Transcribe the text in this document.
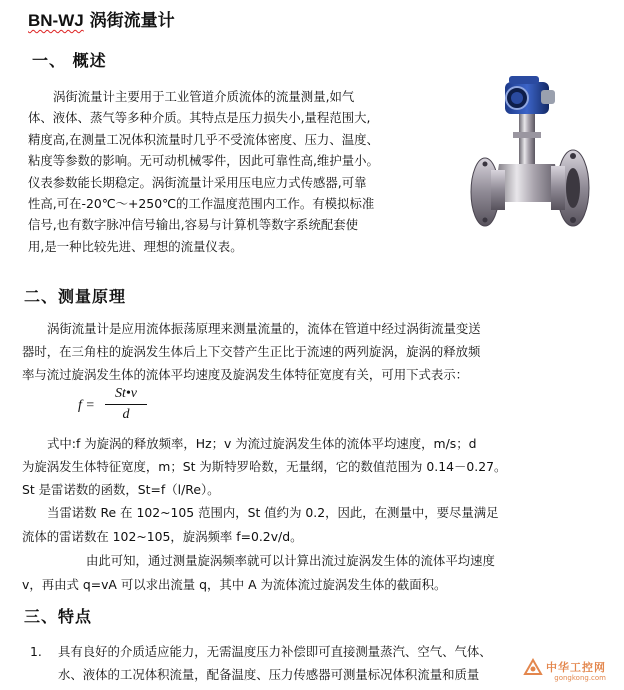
BN-WJ 涡街流量计
一、 概述
涡街流量计主要用于工业管道介质流体的流量测量,如气
体、液体、蒸气等多种介质。其特点是压力损失小,量程范围大,
精度高,在测量工况体积流量时几乎不受流体密度、压力、温度、
粘度等参数的影响。无可动机械零件，因此可靠性高,维护量小。
仪表参数能长期稳定。涡街流量计采用压电应力式传感器,可靠
性高,可在-20℃～+250℃的工作温度范围内工作。有模拟标准
信号,也有数字脉冲信号输出,容易与计算机等数字系统配套使
用,是一种比较先进、理想的流量仪表。
二、测量原理
涡街流量计是应用流体振荡原理来测量流量的，流体在管道中经过涡街流量变送
器时，在三角柱的旋涡发生体后上下交替产生正比于流速的两列旋涡，旋涡的释放频
率与流过旋涡发生体的流体平均速度及旋涡发生体特征宽度有关，可用下式表示：
f =
St•v
d
式中:f 为旋涡的释放频率，Hz；v 为流过旋涡发生体的流体平均速度，m/s；d
为旋涡发生体特征宽度，m；St 为斯特罗哈数，无量纲，它的数值范围为 0.14－0.27。
St 是雷诺数的函数，St=f（l/Re）。
当雷诺数 Re 在 102~105 范围内，St 值约为 0.2，因此，在测量中，要尽量满足
流体的雷诺数在 102~105，旋涡频率 f=0.2v/d。
由此可知，通过测量旋涡频率就可以计算出流过旋涡发生体的流体平均速度
v，再由式 q=vA 可以求出流量 q，其中 A 为流体流过旋涡发生体的截面积。
三、特点
1. 具有良好的介质适应能力，无需温度压力补偿即可直接测量蒸汽、空气、气体、
水、液体的工况体积流量，配备温度、压力传感器可测量标况体积流量和质量	中华工控网
gongkong.com
